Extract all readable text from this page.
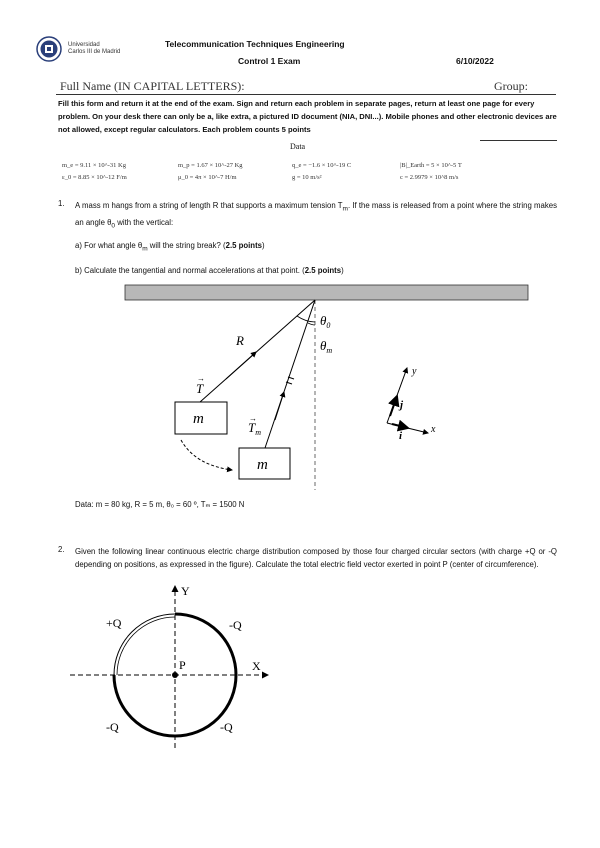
Universidad
Carlos III de Madrid
Telecommunication Techniques Engineering
Control 1 Exam	6/10/2022
Full Name (IN CAPITAL LETTERS):	Group:
Fill this form and return it at the end of the exam. Sign and return each problem in separate pages, return at least one page for every problem. On your desk there can only be a, like extra, a pictured ID document (NIA, DNI...). Mobile phones and other electronic devices are not allowed, except regular calculators. Each problem counts 5 points
Data
m_e = 9.11 × 10^-31 Kg	m_p = 1.67 × 10^-27 Kg	q_e = −1.6 × 10^-19 C	|B|_Earth = 5 × 10^-5 T
ε_0 = 8.85 × 10^-12 F/m	μ_0 = 4π × 10^-7 H/m	g = 10 m/s²	c = 2.9979 × 10^8 m/s
1. A mass m hangs from a string of length R that supports a maximum tension $T_m$. If the mass is released from a point where the string makes an angle $\theta_0$ with the vertical:
a) For what angle $\theta_m$ will the string break? (2.5 points)
b) Calculate the tangential and normal accelerations at that point. (2.5 points)
R
$\theta_0$
$\theta_m$
T
→
$T_m$
→
m
m
y
x
j
i
Data: m = 80 kg, R = 5 m, θ₀ = 60 º, Tₘ = 1500 N
2. Given the following linear continuous electric charge distribution composed by those four charged circular sectors (with charge +Q or -Q depending on positions, as expressed in the figure). Calculate the total electric field vector exerted in point P (center of circumference).
Y
X
P
+Q	-Q
-Q	-Q
